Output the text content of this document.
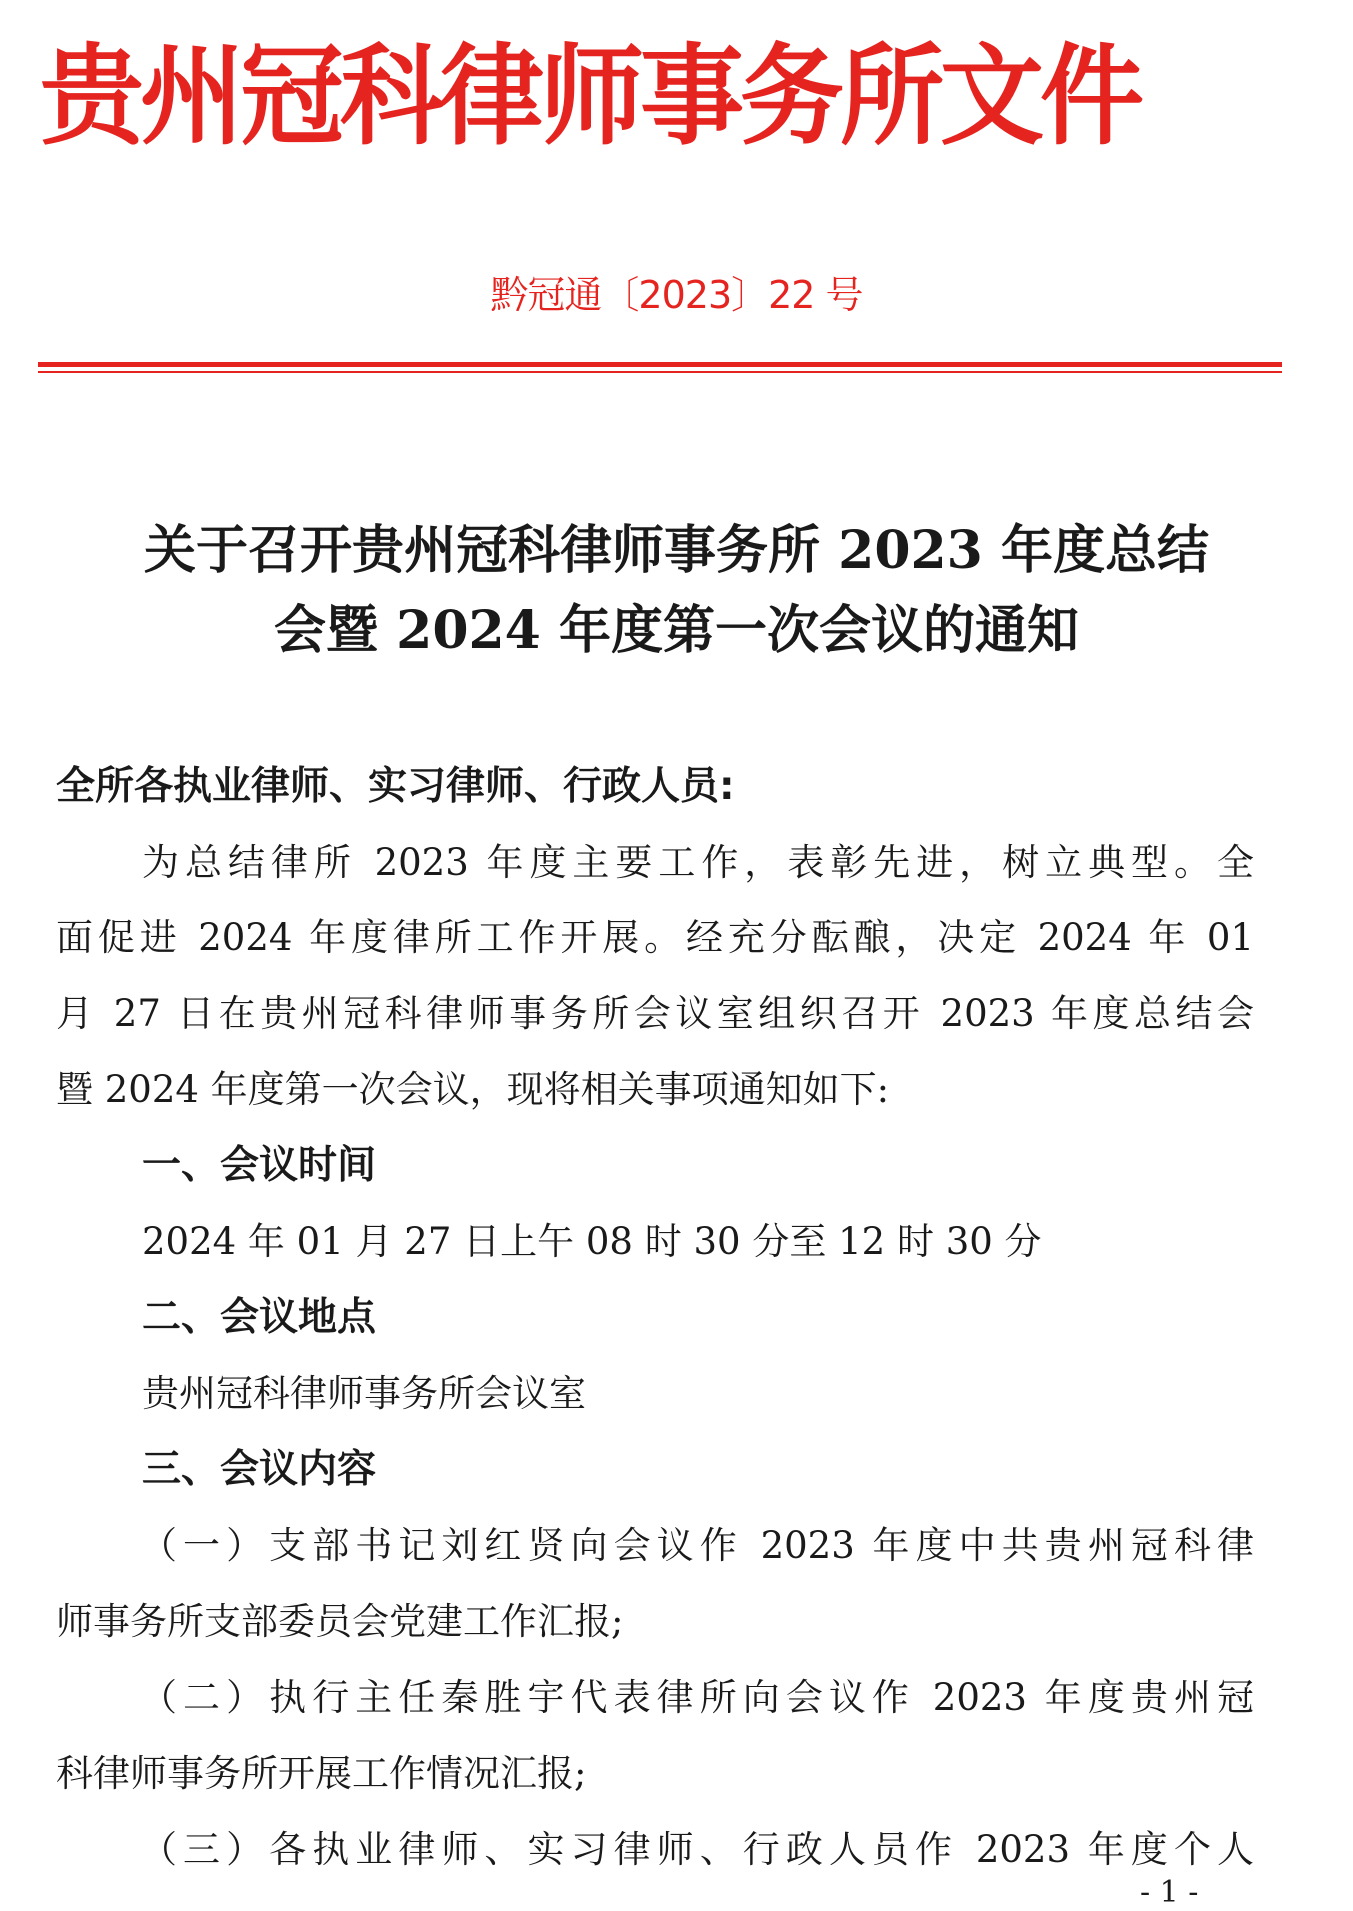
贵州冠科律师事务所文件
黔冠通〔2023〕22 号
关于召开贵州冠科律师事务所 2023 年度总结
会暨 2024 年度第一次会议的通知
全所各执业律师、实习律师、行政人员:
为总结律所 2023 年度主要工作，表彰先进，树立典型。全
面促进 2024 年度律所工作开展。经充分酝酿，决定 2024 年 01
月 27 日在贵州冠科律师事务所会议室组织召开 2023 年度总结会
暨 2024 年度第一次会议，现将相关事项通知如下:
一、会议时间
2024 年 01 月 27 日上午 08 时 30 分至 12 时 30 分
二、会议地点
贵州冠科律师事务所会议室
三、会议内容
（一）支部书记刘红贤向会议作 2023 年度中共贵州冠科律
师事务所支部委员会党建工作汇报;
（二）执行主任秦胜宇代表律所向会议作 2023 年度贵州冠
科律师事务所开展工作情况汇报;
（三）各执业律师、实习律师、行政人员作 2023 年度个人
- 1 -
